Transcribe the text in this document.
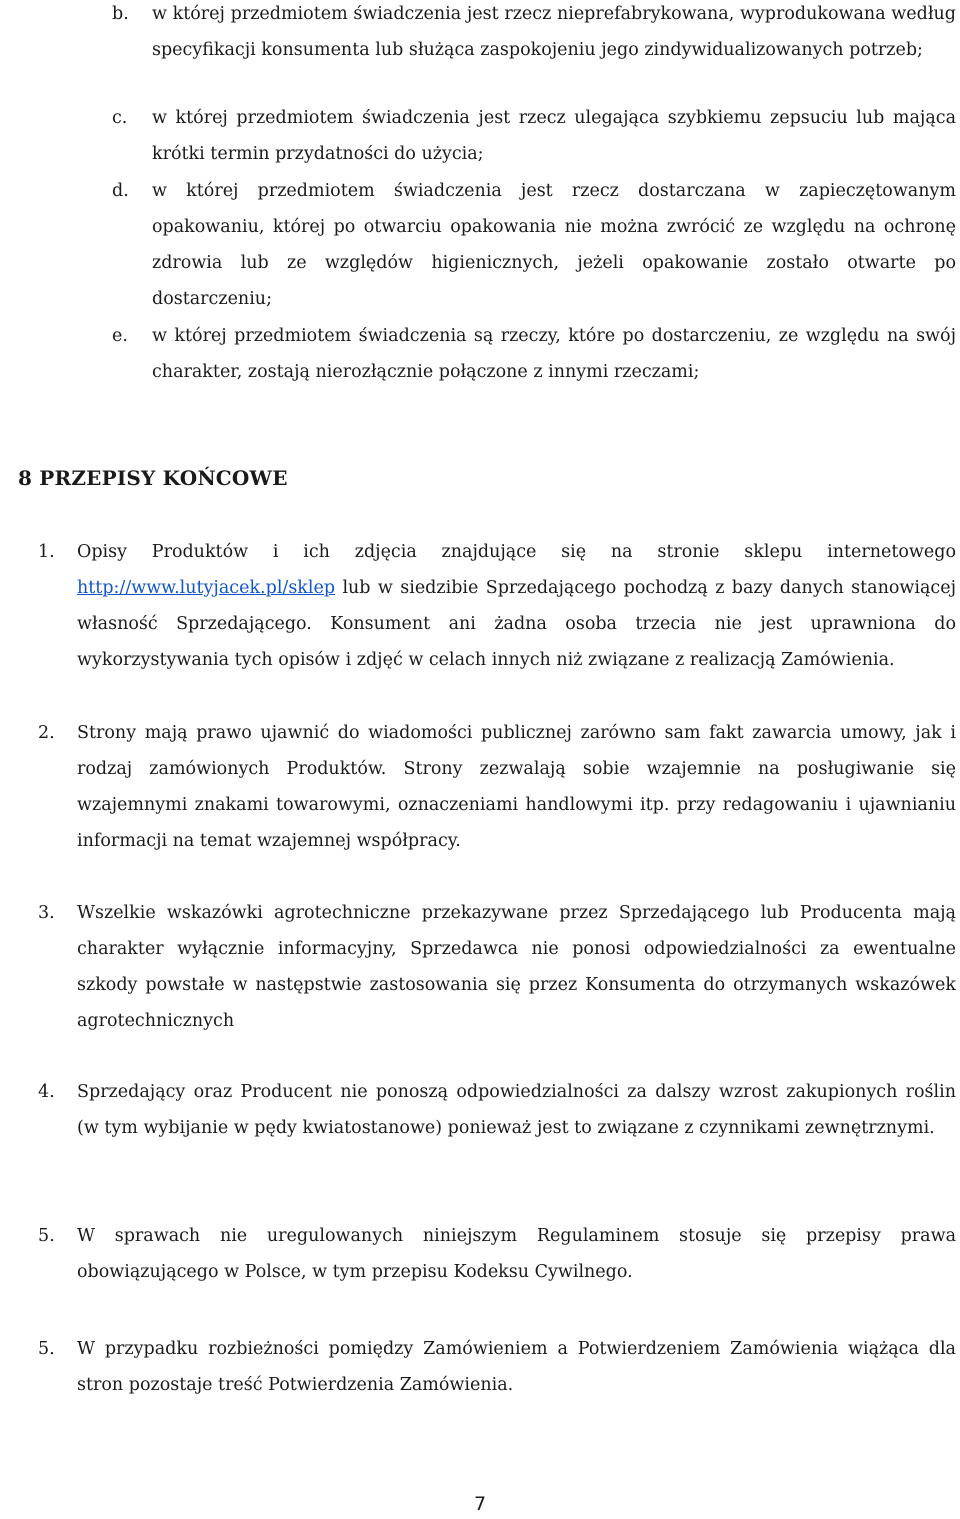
b. w której przedmiotem świadczenia jest rzecz nieprefabrykowana, wyprodukowana według specyfikacji konsumenta lub służąca zaspokojeniu jego zindywidualizowanych potrzeb;
c. w której przedmiotem świadczenia jest rzecz ulegająca szybkiemu zepsuciu lub mająca krótki termin przydatności do użycia;
d. w której przedmiotem świadczenia jest rzecz dostarczana w zapieczętowanym opakowaniu, której po otwarciu opakowania nie można zwrócić ze względu na ochronę zdrowia lub ze względów higienicznych, jeżeli opakowanie zostało otwarte po dostarczeniu;
e. w której przedmiotem świadczenia są rzeczy, które po dostarczeniu, ze względu na swój charakter, zostają nierozłącznie połączone z innymi rzeczami;
8 PRZEPISY KOŃCOWE
1. Opisy Produktów i ich zdjęcia znajdujące się na stronie sklepu internetowego http://www.lutyjacek.pl/sklep lub w siedzibie Sprzedającego pochodzą z bazy danych stanowiącej własność Sprzedającego. Konsument ani żadna osoba trzecia nie jest uprawniona do wykorzystywania tych opisów i zdjęć w celach innych niż związane z realizacją Zamówienia.
2. Strony mają prawo ujawnić do wiadomości publicznej zarówno sam fakt zawarcia umowy, jak i rodzaj zamówionych Produktów. Strony zezwalają sobie wzajemnie na posługiwanie się wzajemnymi znakami towarowymi, oznaczeniami handlowymi itp. przy redagowaniu i ujawnianiu informacji na temat wzajemnej współpracy.
3. Wszelkie wskazówki agrotechniczne przekazywane przez Sprzedającego lub Producenta mają charakter wyłącznie informacyjny, Sprzedawca nie ponosi odpowiedzialności za ewentualne szkody powstałe w następstwie zastosowania się przez Konsumenta do otrzymanych wskazówek agrotechnicznych
4. Sprzedający oraz Producent nie ponoszą odpowiedzialności za dalszy wzrost zakupionych roślin (w tym wybijanie w pędy kwiatostanowe) ponieważ jest to związane z czynnikami zewnętrznymi.
5. W sprawach nie uregulowanych niniejszym Regulaminem stosuje się przepisy prawa obowiązującego w Polsce, w tym przepisu Kodeksu Cywilnego.
5. W przypadku rozbieżności pomiędzy Zamówieniem a Potwierdzeniem Zamówienia wiążąca dla stron pozostaje treść Potwierdzenia Zamówienia.
7
